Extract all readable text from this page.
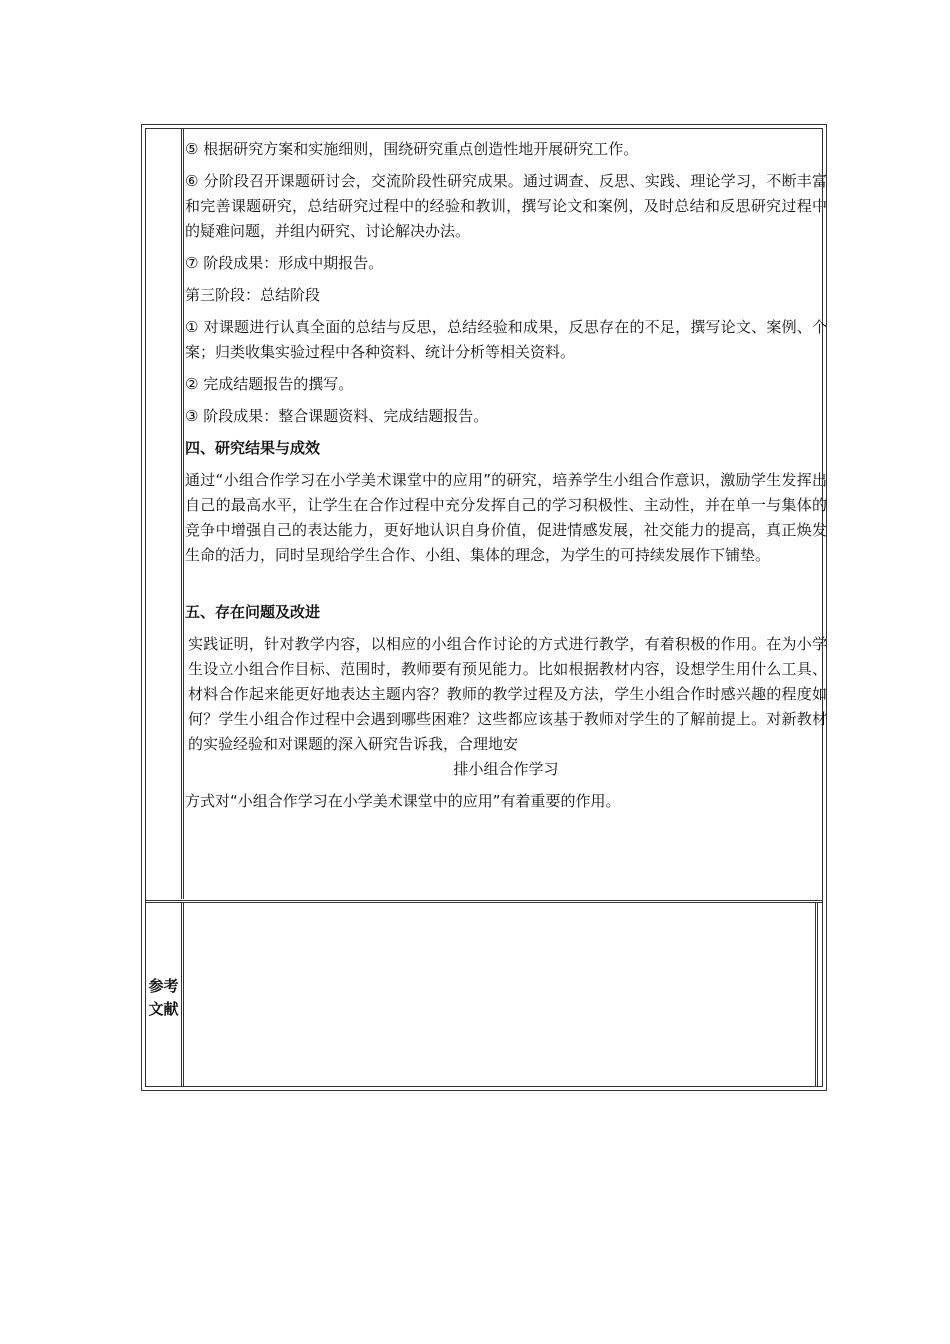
⑤ 根据研究方案和实施细则，围绕研究重点创造性地开展研究工作。

⑥ 分阶段召开课题研讨会，交流阶段性研究成果。通过调查、反思、实践、理论学习，不断丰富和完善课题研究，总结研究过程中的经验和教训，撰写论文和案例，及时总结和反思研究过程中的疑难问题，并组内研究、讨论解决办法。

⑦ 阶段成果：形成中期报告。

第三阶段：总结阶段

① 对课题进行认真全面的总结与反思，总结经验和成果，反思存在的不足，撰写论文、案例、个案；归类收集实验过程中各种资料、统计分析等相关资料。

② 完成结题报告的撰写。

③ 阶段成果：整合课题资料、完成结题报告。

四、研究结果与成效

通过“小组合作学习在小学美术课堂中的应用”的研究，培养学生小组合作意识，激励学生发挥出自己的最高水平，让学生在合作过程中充分发挥自己的学习积极性、主动性，并在单一与集体的竞争中增强自己的表达能力，更好地认识自身价值，促进情感发展，社交能力的提高，真正焕发生命的活力，同时呈现给学生合作、小组、集体的理念，为学生的可持续发展作下铺垫。

五、存在问题及改进

实践证明，针对教学内容，以相应的小组合作讨论的方式进行教学，有着积极的作用。在为小学生设立小组合作目标、范围时，教师要有预见能力。比如根据教材内容，设想学生用什么工具、材料合作起来能更好地表达主题内容？教师的教学过程及方法，学生小组合作时感兴趣的程度如何？学生小组合作过程中会遇到哪些困难？这些都应该基于教师对学生的了解前提上。对新教材的实验经验和对课题的深入研究告诉我，合理地安

排小组合作学习

方式对“小组合作学习在小学美术课堂中的应用”有着重要的作用。

参考
文献
